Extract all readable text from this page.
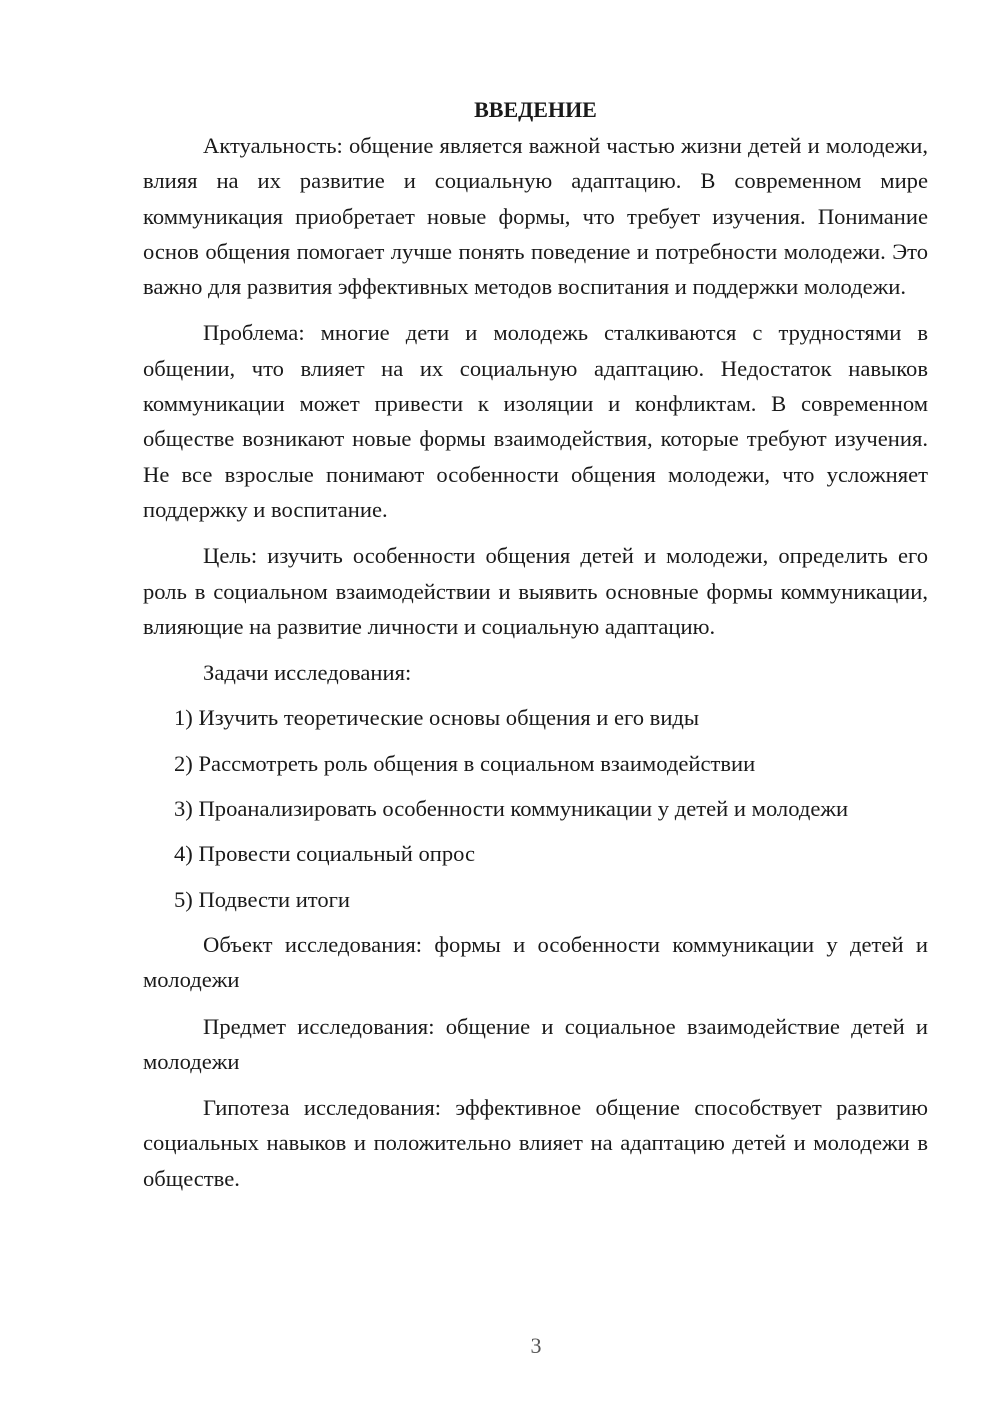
ВВЕДЕНИЕ

Актуальность: общение является важной частью жизни детей и молодежи, влияя на их развитие и социальную адаптацию. В современном мире коммуникация приобретает новые формы, что требует изучения. Понимание основ общения помогает лучше понять поведение и потребности молодежи. Это важно для развития эффективных методов воспитания и поддержки молодежи.

Проблема: многие дети и молодежь сталкиваются с трудностями в общении, что влияет на их социальную адаптацию. Недостаток навыков коммуникации может привести к изоляции и конфликтам. В современном обществе возникают новые формы взаимодействия, которые требуют изучения. Не все взрослые понимают особенности общения молодежи, что усложняет поддержку и воспитание.

Цель: изучить особенности общения детей и молодежи, определить его роль в социальном взаимодействии и выявить основные формы коммуникации, влияющие на развитие личности и социальную адаптацию.

Задачи исследования:

1) Изучить теоретические основы общения и его виды
2) Рассмотреть роль общения в социальном взаимодействии
3) Проанализировать особенности коммуникации у детей и молодежи
4) Провести социальный опрос
5) Подвести итоги

Объект исследования: формы и особенности коммуникации у детей и молодежи

Предмет исследования: общение и социальное взаимодействие детей и молодежи

Гипотеза исследования: эффективное общение способствует развитию социальных навыков и положительно влияет на адаптацию детей и молодежи в обществе.

3
